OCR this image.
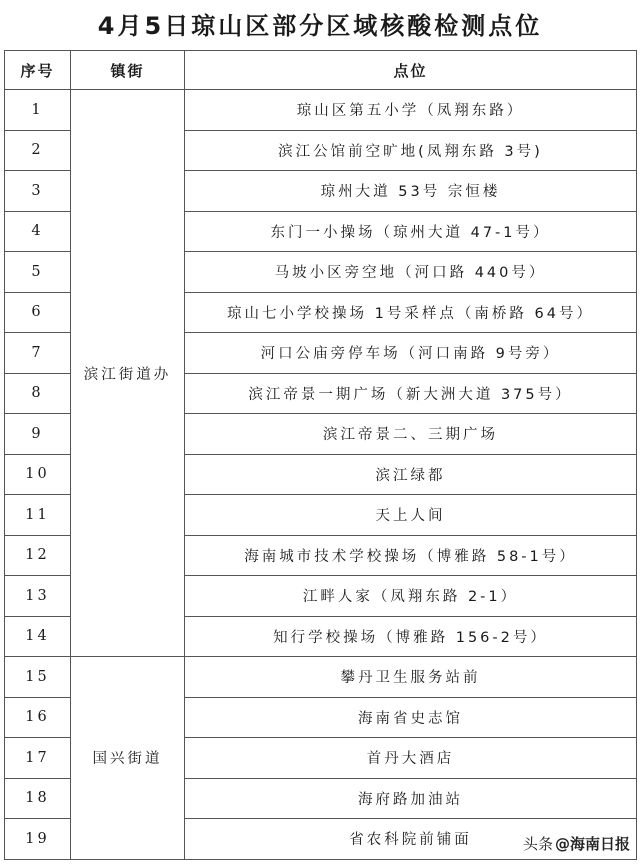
4月5日琼山区部分区域核酸检测点位
序号	镇街	点位
1	滨江街道办	琼山区第五小学（凤翔东路）
2		滨江公馆前空旷地(凤翔东路 3号)
3		琼州大道 53号 宗恒楼
4		东门一小操场（琼州大道 47-1号）
5		马坡小区旁空地（河口路 440号）
6		琼山七小学校操场 1号采样点（南桥路 64号）
7		河口公庙旁停车场（河口南路 9号旁）
8		滨江帝景一期广场（新大洲大道 375号）
9		滨江帝景二、三期广场
10		滨江绿都
11		天上人间
12		海南城市技术学校操场（博雅路 58-1号）
13		江畔人家（凤翔东路 2-1）
14		知行学校操场（博雅路 156-2号）
15	国兴街道	攀丹卫生服务站前
16		海南省史志馆
17		首丹大酒店
18		海府路加油站
19		省农科院前铺面	头条 @海南日报
